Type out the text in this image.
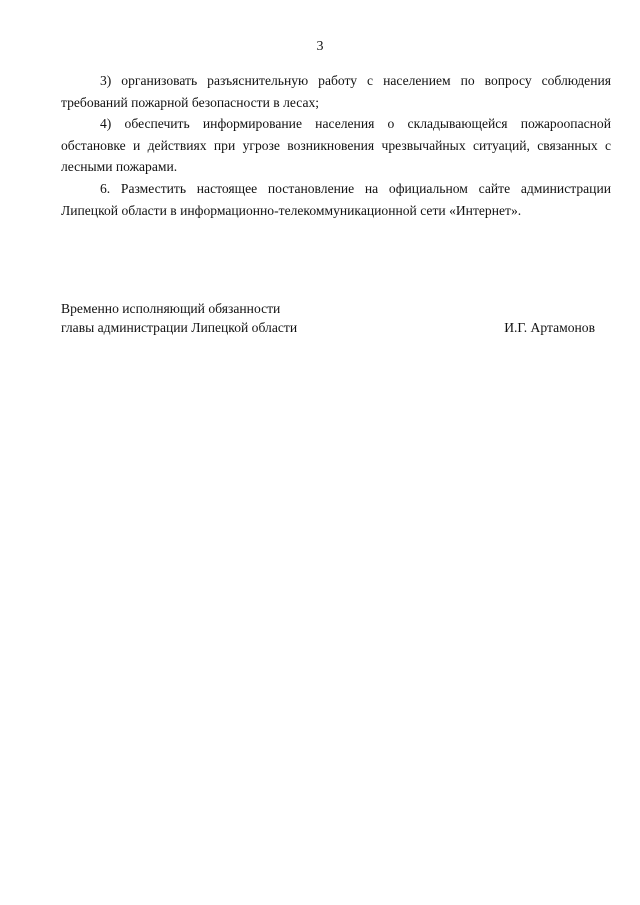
3

3) организовать разъяснительную работу с населением по вопросу соблюдения требований пожарной безопасности в лесах;

4) обеспечить информирование населения о складывающейся пожароопасной обстановке и действиях при угрозе возникновения чрезвычайных ситуаций, связанных с лесными пожарами.

6. Разместить настоящее постановление на официальном сайте администрации Липецкой области в информационно-телекоммуникационной сети «Интернет».

Временно исполняющий обязанности
главы администрации Липецкой области	И.Г. Артамонов
